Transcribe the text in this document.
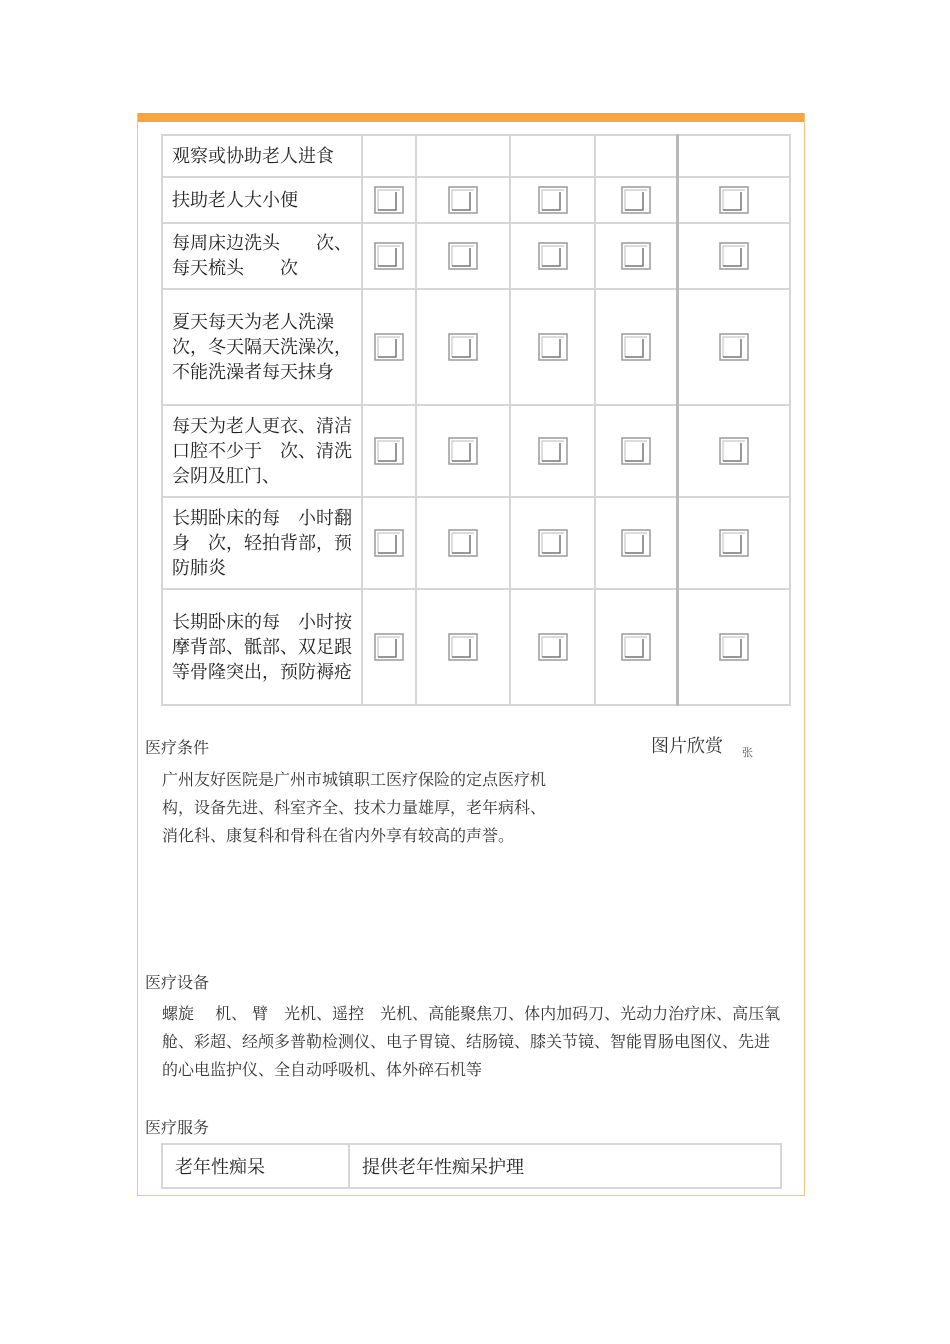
观察或协助老人进食					
扶助老人大小便	

每周床边洗头　　次、每天梳头　　次	

夏天每天为老人洗澡　次，冬天隔天洗澡次，不能洗澡者每天抹身	

每天为老人更衣、清洁口腔不少于　次、清洗会阴及肛门、	

长期卧床的每　小时翻身　次，轻拍背部，预防肺炎	

长期卧床的每　小时按摩背部、骶部、双足跟等骨隆突出，预防褥疮	

医疗条件
广州友好医院是广州市城镇职工医疗保险的定点医疗机构，设备先进、科室齐全、技术力量雄厚，老年病科、消化科、康复科和骨科在省内外享有较高的声誉。
图片欣赏 张
医疗设备
螺旋　 机、 臂　光机、遥控　光机、高能聚焦刀、体内加码刀、光动力治疗床、高压氧舱、彩超、经颅多普勒检测仪、电子胃镜、结肠镜、膝关节镜、智能胃肠电图仪、先进的心电监护仪、全自动呼吸机、体外碎石机等
医疗服务
老年性痴呆	提供老年性痴呆护理
